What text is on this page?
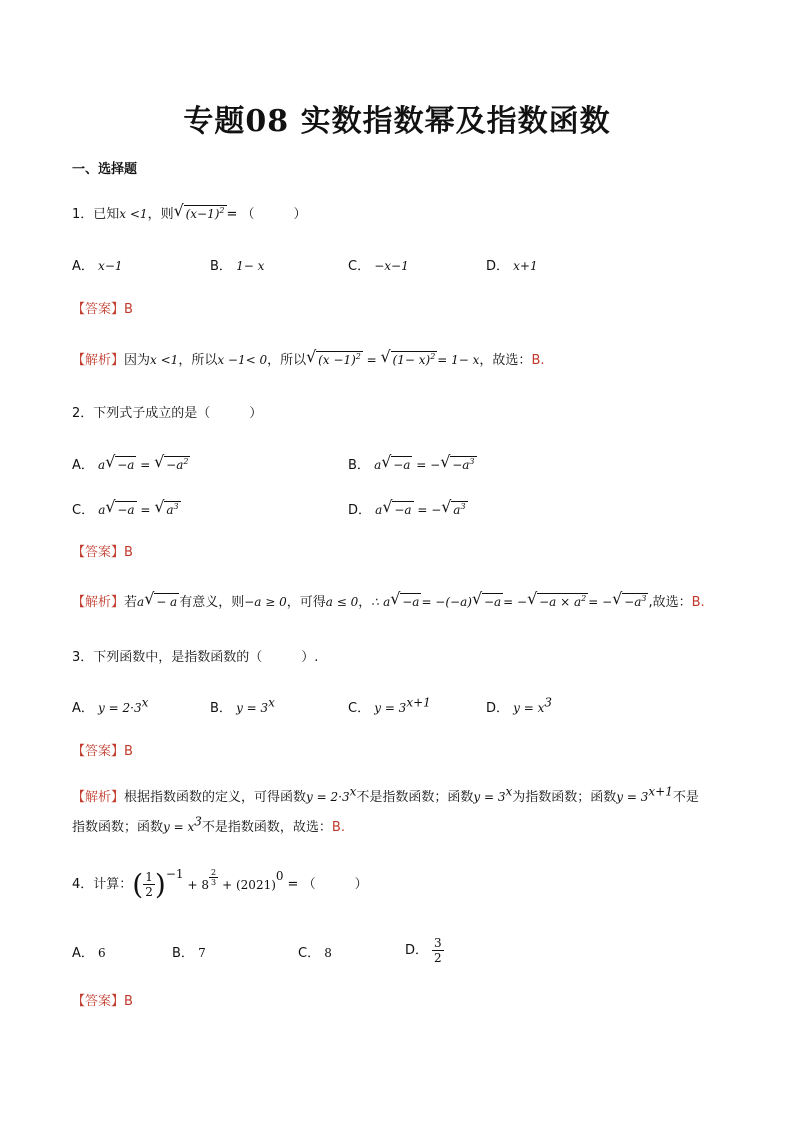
专题08 实数指数幂及指数函数
一、选择题
1．已知x <1，则 √ $(x-1)^2$ = （　　　）
A． x−1	B． 1− x	C． −x−1	D． x+1
【答案】B
【解析】因为x <1，所以x −1< 0，所以 √ $(x -1)^2$ = √ $(1- x)^2 = 1- x$，故选：B.
2．下列式子成立的是（　　　）
A． a √ −a = √ $-a^2$	B． a √ −a = − √ $-a^3$
C． a √ −a = √ $a^3$	D． a √ −a = − √ $a^3$
【答案】B
【解析】若a √ − a 有意义，则−a ≥ 0，可得a ≤ 0，∴ a √ −a = −(−a) √ −a = − √ $-a \times a^2$ = − √ $-a^3$ ,故选：B.
3．下列函数中，是指数函数的（　　　）.
A． $y = 2\cdot 3^x$	B． $y = 3^x$	C． $y = 3^{x+1}$	D． $y = x^3$
【答案】B
【解析】根据指数函数的定义，可得函数$y = 2\cdot 3^x$不是指数函数；函数$y = 3^x$为指数函数；函数$y = 3^{x+1}$不是
指数函数；函数$y = x^3$不是指数函数，故选：B.
4． 计算： ( $\frac{1}{2}$ ) −1
+ $8 \frac{2}{3} + (2021)$
0
= （　　　）
A． 6	B． 7	C． 8	D． $\frac{3}{2}$
【答案】B
